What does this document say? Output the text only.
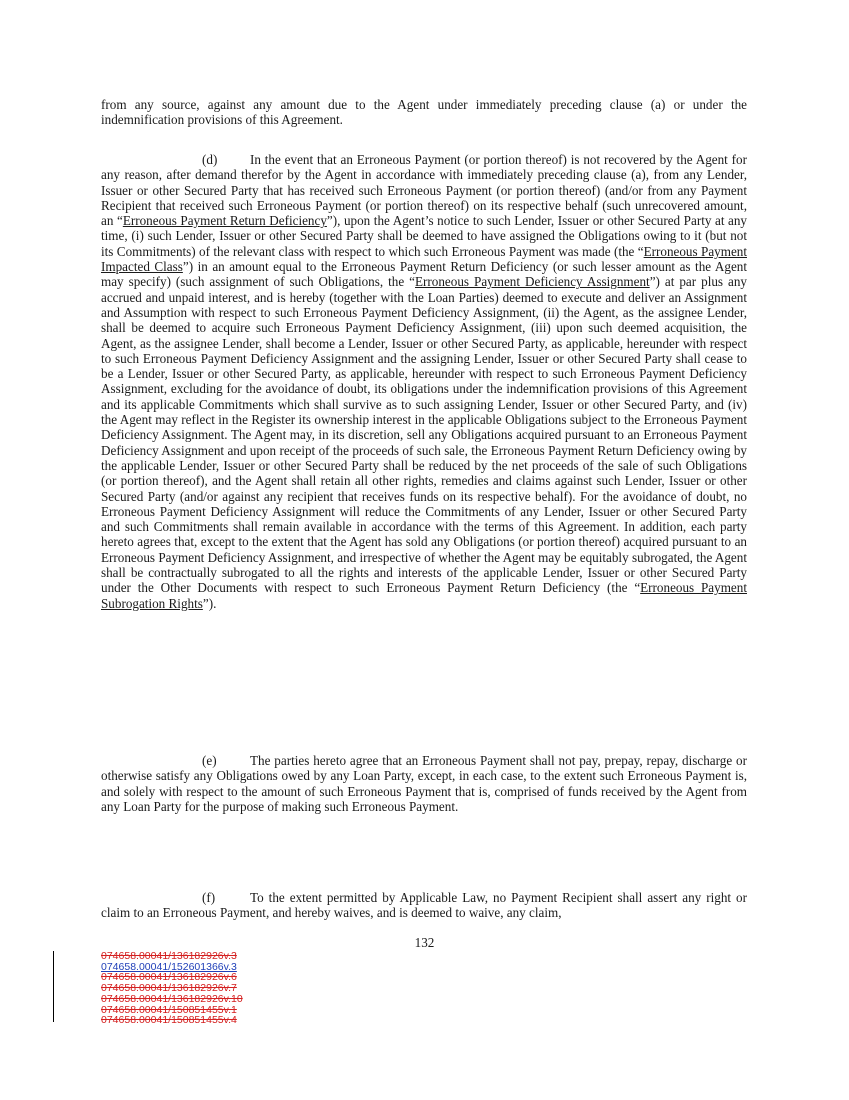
from any source, against any amount due to the Agent under immediately preceding clause (a) or under the indemnification provisions of this Agreement.

(d) In the event that an Erroneous Payment (or portion thereof) is not recovered by the Agent for any reason, after demand therefor by the Agent in accordance with immediately preceding clause (a), from any Lender, Issuer or other Secured Party that has received such Erroneous Payment (or portion thereof) (and/or from any Payment Recipient that received such Erroneous Payment (or portion thereof) on its respective behalf (such unrecovered amount, an “Erroneous Payment Return Deficiency”), upon the Agent’s notice to such Lender, Issuer or other Secured Party at any time, (i) such Lender, Issuer or other Secured Party shall be deemed to have assigned the Obligations owing to it (but not its Commitments) of the relevant class with respect to which such Erroneous Payment was made (the “Erroneous Payment Impacted Class”) in an amount equal to the Erroneous Payment Return Deficiency (or such lesser amount as the Agent may specify) (such assignment of such Obligations, the “Erroneous Payment Deficiency Assignment”) at par plus any accrued and unpaid interest, and is hereby (together with the Loan Parties) deemed to execute and deliver an Assignment and Assumption with respect to such Erroneous Payment Deficiency Assignment, (ii) the Agent, as the assignee Lender, shall be deemed to acquire such Erroneous Payment Deficiency Assignment, (iii) upon such deemed acquisition, the Agent, as the assignee Lender, shall become a Lender, Issuer or other Secured Party, as applicable, hereunder with respect to such Erroneous Payment Deficiency Assignment and the assigning Lender, Issuer or other Secured Party shall cease to be a Lender, Issuer or other Secured Party, as applicable, hereunder with respect to such Erroneous Payment Deficiency Assignment, excluding for the avoidance of doubt, its obligations under the indemnification provisions of this Agreement and its applicable Commitments which shall survive as to such assigning Lender, Issuer or other Secured Party, and (iv) the Agent may reflect in the Register its ownership interest in the applicable Obligations subject to the Erroneous Payment Deficiency Assignment. The Agent may, in its discretion, sell any Obligations acquired pursuant to an Erroneous Payment Deficiency Assignment and upon receipt of the proceeds of such sale, the Erroneous Payment Return Deficiency owing by the applicable Lender, Issuer or other Secured Party shall be reduced by the net proceeds of the sale of such Obligations (or portion thereof), and the Agent shall retain all other rights, remedies and claims against such Lender, Issuer or other Secured Party (and/or against any recipient that receives funds on its respective behalf). For the avoidance of doubt, no Erroneous Payment Deficiency Assignment will reduce the Commitments of any Lender, Issuer or other Secured Party and such Commitments shall remain available in accordance with the terms of this Agreement. In addition, each party hereto agrees that, except to the extent that the Agent has sold any Obligations (or portion thereof) acquired pursuant to an Erroneous Payment Deficiency Assignment, and irrespective of whether the Agent may be equitably subrogated, the Agent shall be contractually subrogated to all the rights and interests of the applicable Lender, Issuer or other Secured Party under the Other Documents with respect to such Erroneous Payment Return Deficiency (the “Erroneous Payment Subrogation Rights”).

(e)	The parties hereto agree that an Erroneous Payment shall not pay, prepay, repay, discharge or otherwise satisfy any Obligations owed by any Loan Party, except, in each case, to the extent such Erroneous Payment is, and solely with respect to the amount of such Erroneous Payment that is, comprised of funds received by the Agent from any Loan Party for the purpose of making such Erroneous Payment.

(f)	To the extent permitted by Applicable Law, no Payment Recipient shall assert any right or claim to an Erroneous Payment, and hereby waives, and is deemed to waive, any claim,

132
074658.00041/136182926v.3
074658.00041/152601366v.3
074658.00041/136182926v.6
074658.00041/136182926v.7
074658.00041/136182926v.10
074658.00041/150851455v.1
074658.00041/150851455v.4
